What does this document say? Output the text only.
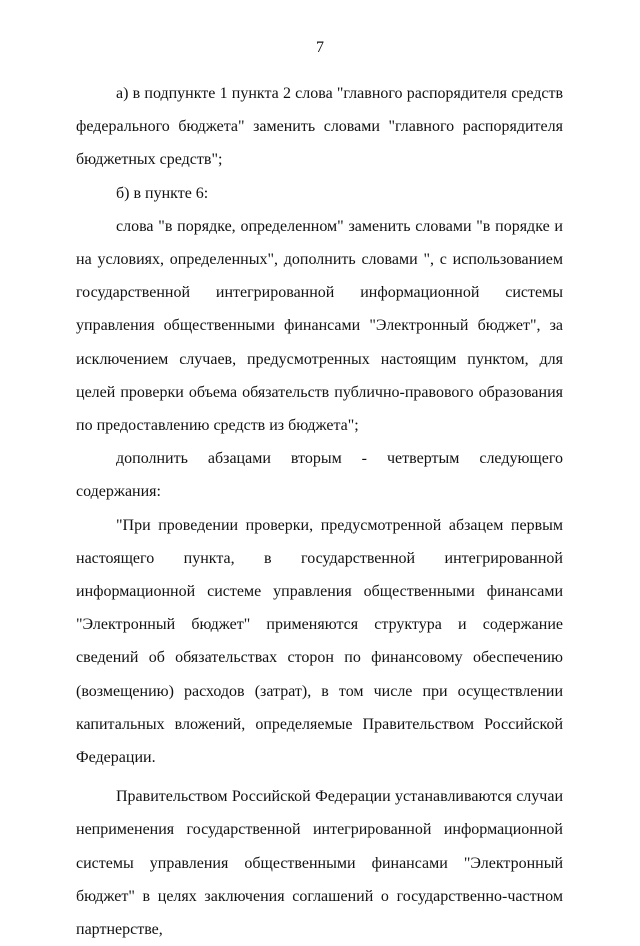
7

а) в подпункте 1 пункта 2 слова "главного распорядителя средств федерального бюджета" заменить словами "главного распорядителя бюджетных средств";

б) в пункте 6:

слова "в порядке, определенном" заменить словами "в порядке и на условиях, определенных", дополнить словами ", с использованием государственной интегрированной информационной системы управления общественными финансами "Электронный бюджет", за исключением случаев, предусмотренных настоящим пунктом, для целей проверки объема обязательств публично-правового образования по предоставлению средств из бюджета";

дополнить абзацами вторым - четвертым следующего содержания:

"При проведении проверки, предусмотренной абзацем первым настоящего пункта, в государственной интегрированной информационной системе управления общественными финансами "Электронный бюджет" применяются структура и содержание сведений об обязательствах сторон по финансовому обеспечению (возмещению) расходов (затрат), в том числе при осуществлении капитальных вложений, определяемые Правительством Российской Федерации.

Правительством Российской Федерации устанавливаются случаи неприменения государственной интегрированной информационной системы управления общественными финансами "Электронный бюджет" в целях заключения соглашений о государственно-частном партнерстве,
